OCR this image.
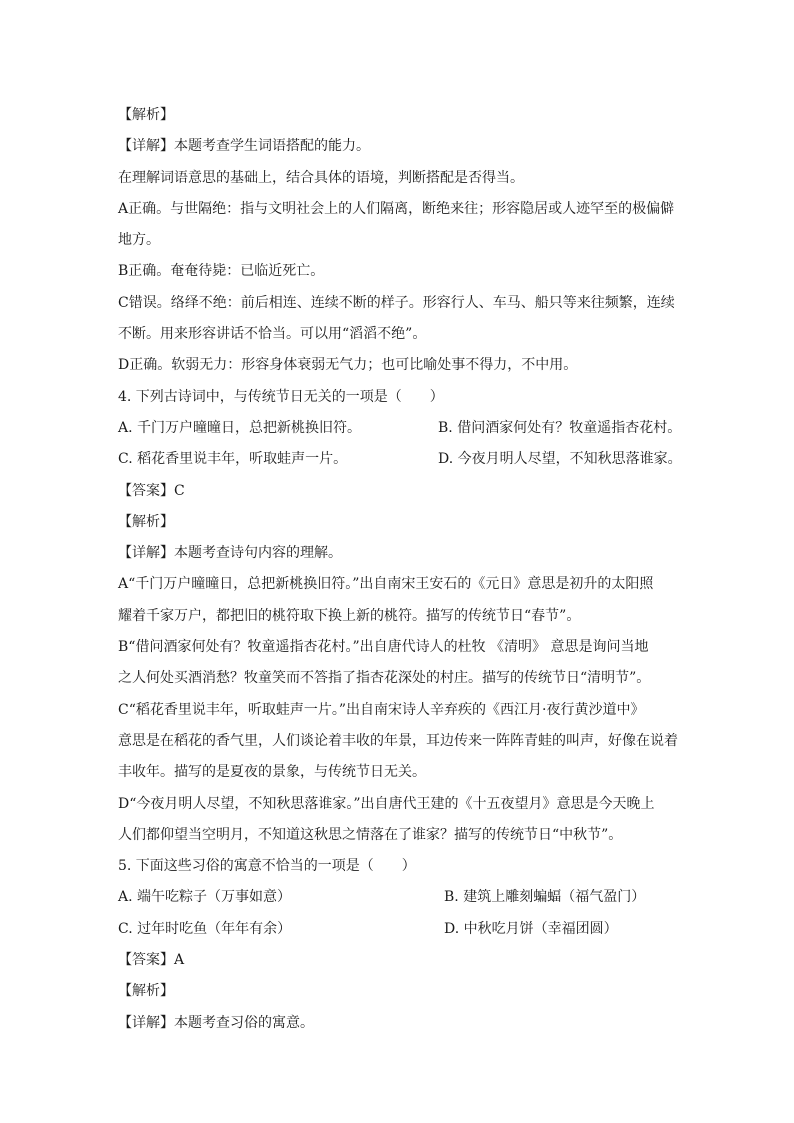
【解析】
【详解】本题考查学生词语搭配的能力。
在理解词语意思的基础上，结合具体的语境，判断搭配是否得当。
A正确。与世隔绝：指与文明社会上的人们隔离，断绝来往；形容隐居或人迹罕至的极偏僻
地方。
B正确。奄奄待毙：已临近死亡。
C错误。络绎不绝：前后相连、连续不断的样子。形容行人、车马、船只等来往频繁，连续
不断。用来形容讲话不恰当。可以用“滔滔不绝”。
D正确。软弱无力：形容身体衰弱无气力；也可比喻处事不得力，不中用。
4. 下列古诗词中，与传统节日无关的一项是（　　）
A. 千门万户曈曈日，总把新桃换旧符。	B. 借问酒家何处有？牧童遥指杏花村。
C. 稻花香里说丰年，听取蛙声一片。	D. 今夜月明人尽望，不知秋思落谁家。
【答案】C
【解析】
【详解】本题考查诗句内容的理解。
A“千门万户曈曈日，总把新桃换旧符。”出自南宋王安石的《元日》意思是初升的太阳照
耀着千家万户，都把旧的桃符取下换上新的桃符。描写的传统节日“春节”。
B“借问酒家何处有？牧童遥指杏花村。”出自唐代诗人的杜牧 《清明》 意思是询问当地
之人何处买酒消愁？牧童笑而不答指了指杏花深处的村庄。描写的传统节日“清明节”。
C“稻花香里说丰年，听取蛙声一片。”出自南宋诗人辛弃疾的《西江月·夜行黄沙道中》
意思是在稻花的香气里，人们谈论着丰收的年景，耳边传来一阵阵青蛙的叫声，好像在说着
丰收年。描写的是夏夜的景象，与传统节日无关。
D“今夜月明人尽望，不知秋思落谁家。”出自唐代王建的《十五夜望月》意思是今天晚上
人们都仰望当空明月，不知道这秋思之情落在了谁家？描写的传统节日“中秋节”。
5. 下面这些习俗的寓意不恰当的一项是（　　）
A. 端午吃粽子（万事如意）	B. 建筑上雕刻蝙蝠（福气盈门）
C. 过年时吃鱼（年年有余）	D. 中秋吃月饼（幸福团圆）
【答案】A
【解析】
【详解】本题考查习俗的寓意。
